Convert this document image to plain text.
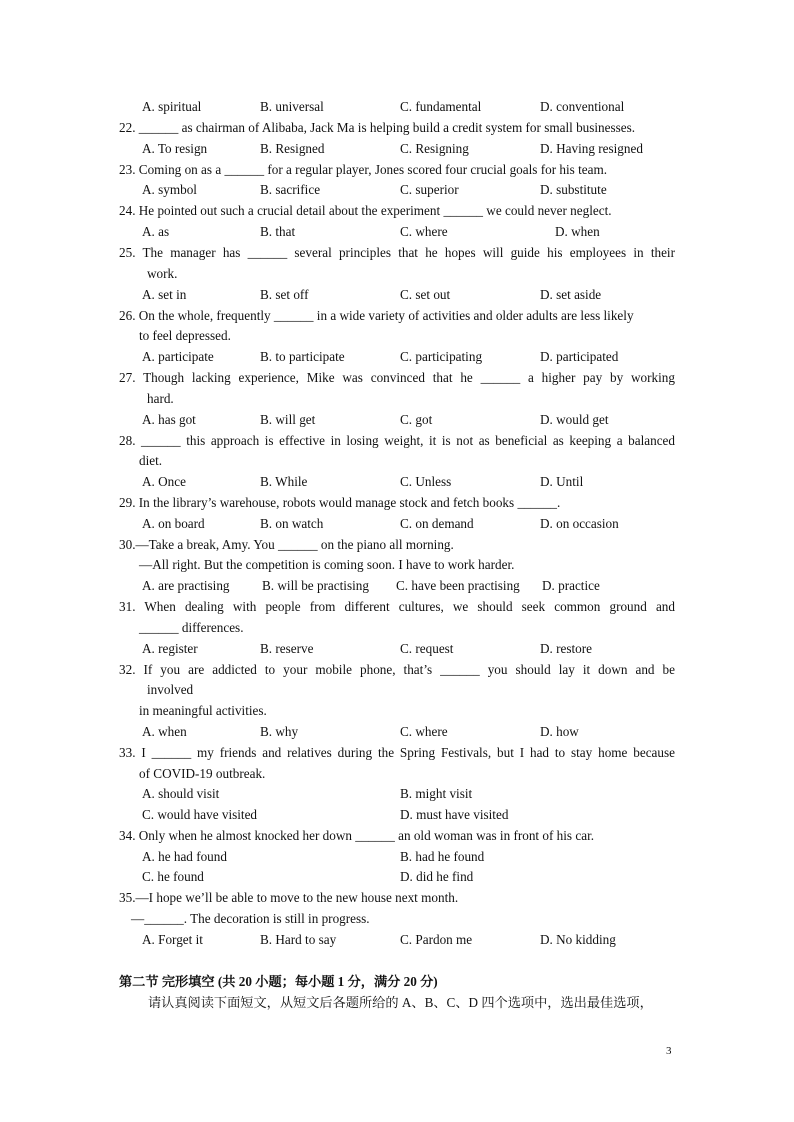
A. spiritual	B. universal	C. fundamental	D. conventional
22. ______ as chairman of Alibaba, Jack Ma is helping build a credit system for small businesses.
A. To resign	B. Resigned	C. Resigning	D. Having resigned
23. Coming on as a ______ for a regular player, Jones scored four crucial goals for his team.
A. symbol	B. sacrifice	C. superior	D. substitute
24. He pointed out such a crucial detail about the experiment ______ we could never neglect.
A. as	B. that	C. where	D. when
25. The manager has ______ several principles that he hopes will guide his employees in their
work.
A. set in	B. set off	C. set out	D. set aside
26. On the whole, frequently ______ in a wide variety of activities and older adults are less likely
to feel depressed.
A. participate	B. to participate	C. participating	D. participated
27. Though lacking experience, Mike was convinced that he ______ a higher pay by working
hard.
A. has got	B. will get	C. got	D. would get
28. ______ this approach is effective in losing weight, it is not as beneficial as keeping a balanced
diet.
A. Once	B. While	C. Unless	D. Until
29. In the library’s warehouse, robots would manage stock and fetch books ______.
A. on board	B. on watch	C. on demand	D. on occasion
30.—Take a break, Amy. You ______ on the piano all morning.
—All right. But the competition is coming soon. I have to work harder.
A. are practising B. will be practising C. have been practising D. practice
31. When dealing with people from different cultures, we should seek common ground and
______ differences.
A. register	B. reserve	C. request	D. restore
32. If you are addicted to your mobile phone, that’s ______ you should lay it down and be
involved
in meaningful activities.
A. when	B. why	C. where	D. how
33. I ______ my friends and relatives during the Spring Festivals, but I had to stay home because
of COVID-19 outbreak.
A. should visit	B. might visit
C. would have visited	D. must have visited
34. Only when he almost knocked her down ______ an old woman was in front of his car.
A. he had found	B. had he found
C. he found	D. did he find
35.—I hope we’ll be able to move to the new house next month.
—______. The decoration is still in progress.
A. Forget it	B. Hard to say	C. Pardon me	D. No kidding
第二节 完形填空 (共 20 小题；每小题 1 分，满分 20 分)
请认真阅读下面短文，从短文后各题所给的 A、B、C、D 四个选项中，选出最佳选项，
3
